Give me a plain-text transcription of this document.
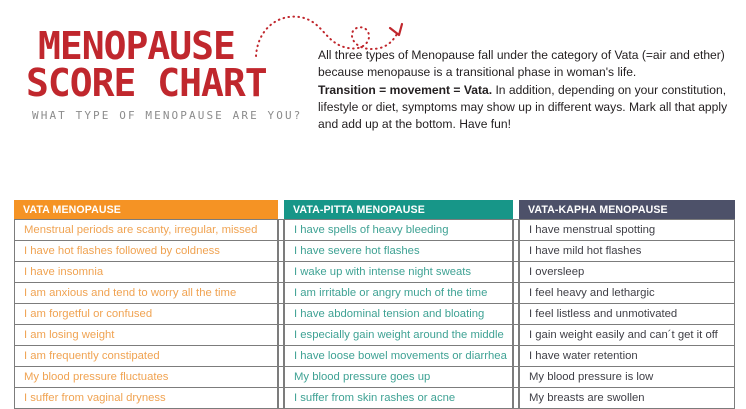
MENOPAUSE
SCORE CHART
WHAT TYPE OF MENOPAUSE ARE YOU?

All three types of Menopause fall under the category of Vata (=air and ether) because menopause is a transitional phase in woman's life.

Transition = movement = Vata. In addition, depending on your constitution, lifestyle or diet, symptoms may show up in different ways. Mark all that apply and add up at the bottom. Have fun!

VATA MENOPAUSE		VATA-PITTA MENOPAUSE		VATA-KAPHA MENOPAUSE
Menstrual periods are scanty, irregular, missed		I have spells of heavy bleeding		I have menstrual spotting
I have hot flashes followed by coldness		I have severe hot flashes		I have mild hot flashes
I have insomnia		I wake up with intense night sweats		I oversleep
I am anxious and tend to worry all the time		I am irritable or angry much of the time		I feel heavy and lethargic
I am forgetful or confused		I have abdominal tension and bloating		I feel listless and unmotivated
I am losing weight		I especially gain weight around the middle		I gain weight easily and can´t get it off
I am frequently constipated		I have loose bowel movements or diarrhea		I have water retention
My blood pressure fluctuates		My blood pressure goes up		My blood pressure is low
I suffer from vaginal dryness		I suffer from skin rashes or acne		My breasts are swollen
